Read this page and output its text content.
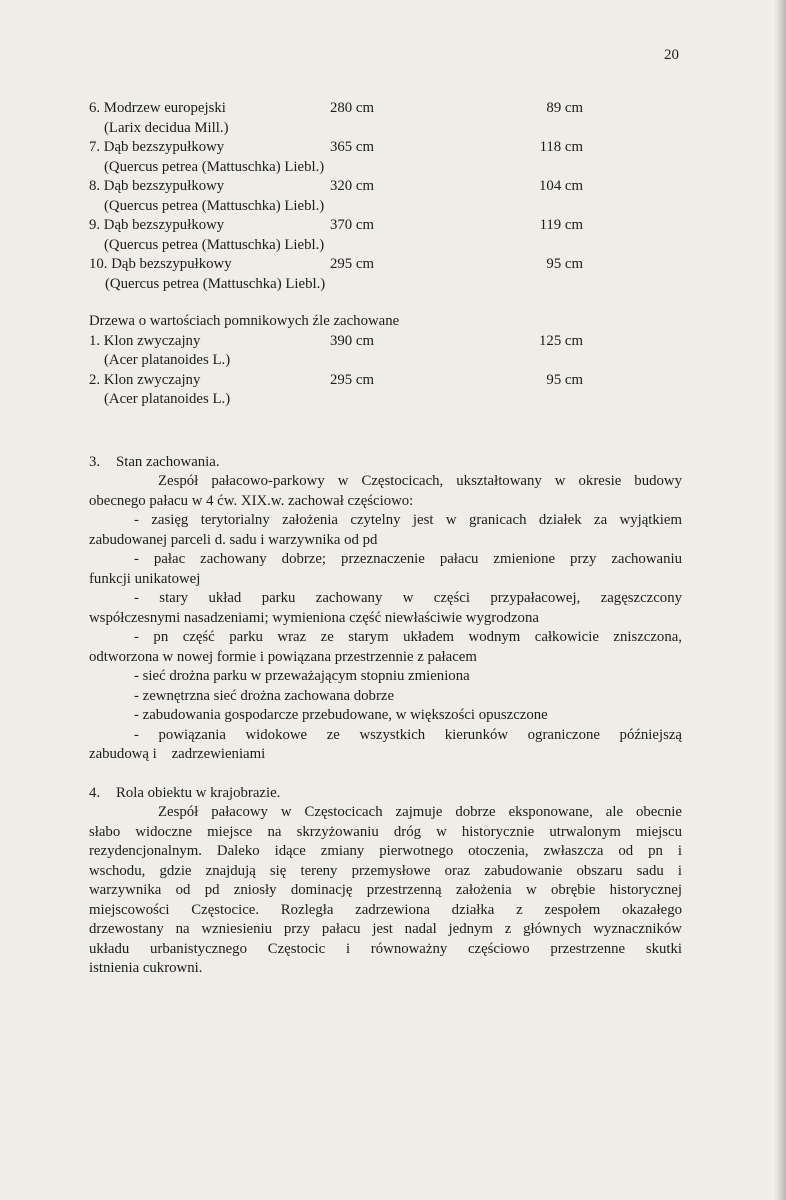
20
6. Modrzew europejski	280 cm	89 cm
(Larix decidua Mill.)
7. Dąb bezszypułkowy	365 cm	118 cm
(Quercus petrea (Mattuschka) Liebl.)
8. Dąb bezszypułkowy	320 cm	104 cm
(Quercus petrea (Mattuschka) Liebl.)
9. Dąb bezszypułkowy	370 cm	119 cm
(Quercus petrea (Mattuschka) Liebl.)
10. Dąb bezszypułkowy	295 cm	95 cm
(Quercus petrea (Mattuschka) Liebl.)
Drzewa o wartościach pomnikowych źle zachowane
1. Klon zwyczajny	390 cm	125 cm
(Acer platanoides L.)
2. Klon zwyczajny	295 cm	95 cm
(Acer platanoides L.)
3. Stan zachowania.
Zespół pałacowo-parkowy w Częstocicach, ukształtowany w okresie budowy
obecnego pałacu w 4 ćw. XIX.w. zachował częściowo:
- zasięg terytorialny założenia czytelny jest w granicach działek za wyjątkiem
zabudowanej parceli d. sadu i warzywnika od pd
- pałac zachowany dobrze; przeznaczenie pałacu zmienione przy zachowaniu
funkcji unikatowej
- stary układ parku zachowany w części przypałacowej, zagęszczcony
współczesnymi nasadzeniami; wymieniona część niewłaściwie wygrodzona
- pn część parku wraz ze starym układem wodnym całkowicie zniszczona,
odtworzona w nowej formie i powiązana przestrzennie z pałacem
- sieć drożna parku w przeważającym stopniu zmieniona
- zewnętrzna sieć drożna zachowana dobrze
- zabudowania gospodarcze przebudowane, w większości opuszczone
- powiązania widokowe ze wszystkich kierunków ograniczone późniejszą
zabudową i    zadrzewieniami
4. Rola obiektu w krajobrazie.
Zespół pałacowy w Częstocicach zajmuje dobrze eksponowane, ale obecnie
słabo widoczne miejsce na skrzyżowaniu dróg w historycznie utrwalonym miejscu
rezydencjonalnym. Daleko idące zmiany pierwotnego otoczenia, zwłaszcza od pn i
wschodu, gdzie znajdują się tereny przemysłowe oraz zabudowanie obszaru sadu i
warzywnika od pd zniosły dominację przestrzenną założenia w obrębie historycznej
miejscowości Częstocice. Rozległa zadrzewiona działka z zespołem okazałego
drzewostany na wzniesieniu przy pałacu jest nadal jednym z głównych wyznaczników
układu urbanistycznego Częstocic i równoważny częściowo przestrzenne skutki
istnienia cukrowni.
